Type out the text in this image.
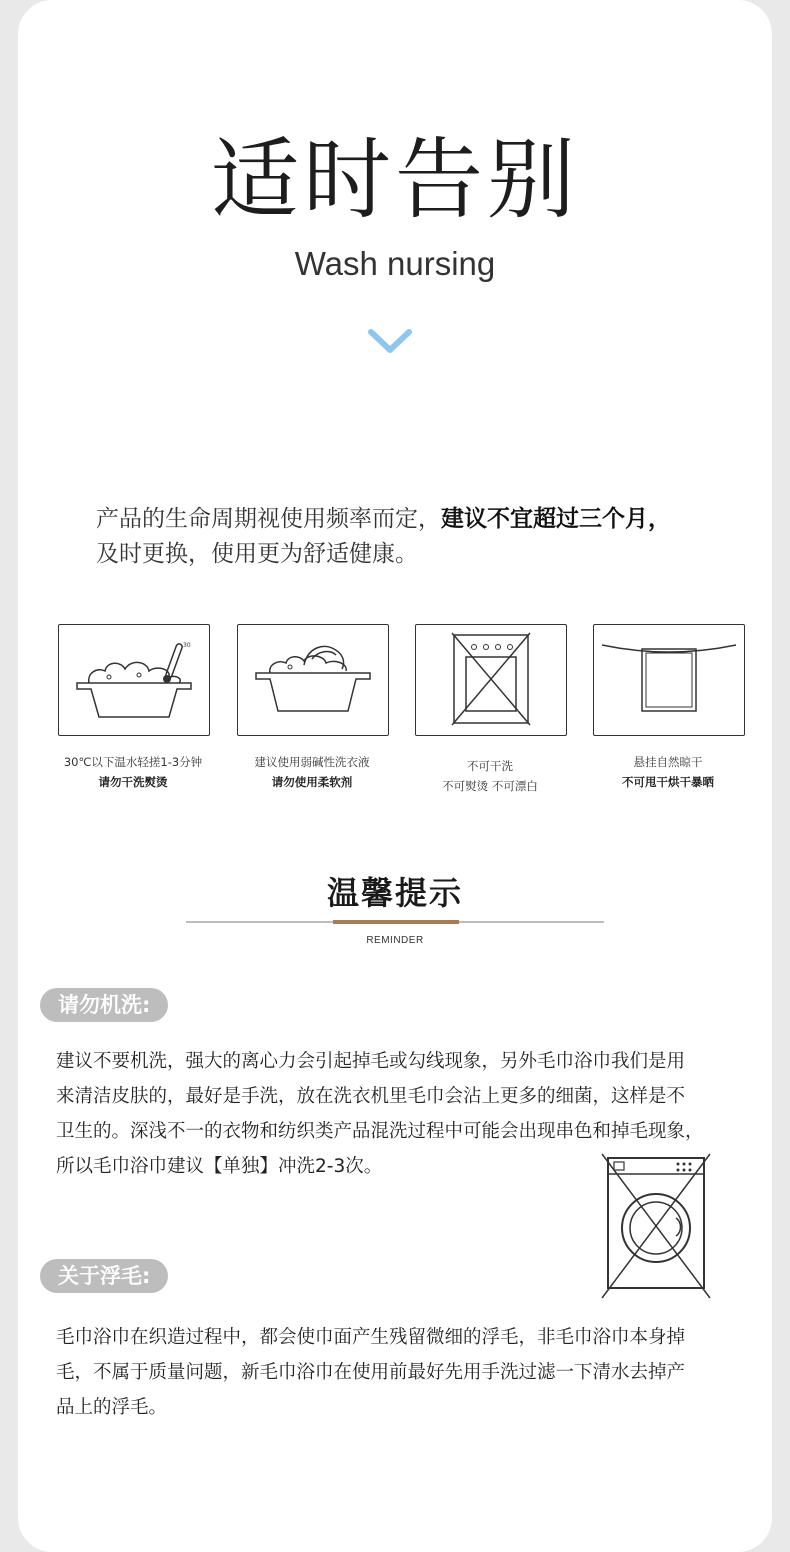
适时告别
Wash nursing
产品的生命周期视使用频率而定，建议不宜超过三个月，
及时更换，使用更为舒适健康。
30
30℃以下温水轻搓1-3分钟
请勿干洗熨烫
建议使用弱碱性洗衣液
请勿使用柔软剂
不可干洗
不可熨烫 不可漂白
悬挂自然晾干
不可甩干烘干暴晒
温馨提示
REMINDER
请勿机洗:
建议不要机洗，强大的离心力会引起掉毛或勾线现象，另外毛巾浴巾我们是用
来清洁皮肤的，最好是手洗，放在洗衣机里毛巾会沾上更多的细菌，这样是不
卫生的。深浅不一的衣物和纺织类产品混洗过程中可能会出现串色和掉毛现象，
所以毛巾浴巾建议【单独】冲洗2-3次。
关于浮毛:
毛巾浴巾在织造过程中，都会使巾面产生残留微细的浮毛，非毛巾浴巾本身掉
毛，不属于质量问题，新毛巾浴巾在使用前最好先用手洗过滤一下清水去掉产
品上的浮毛。
